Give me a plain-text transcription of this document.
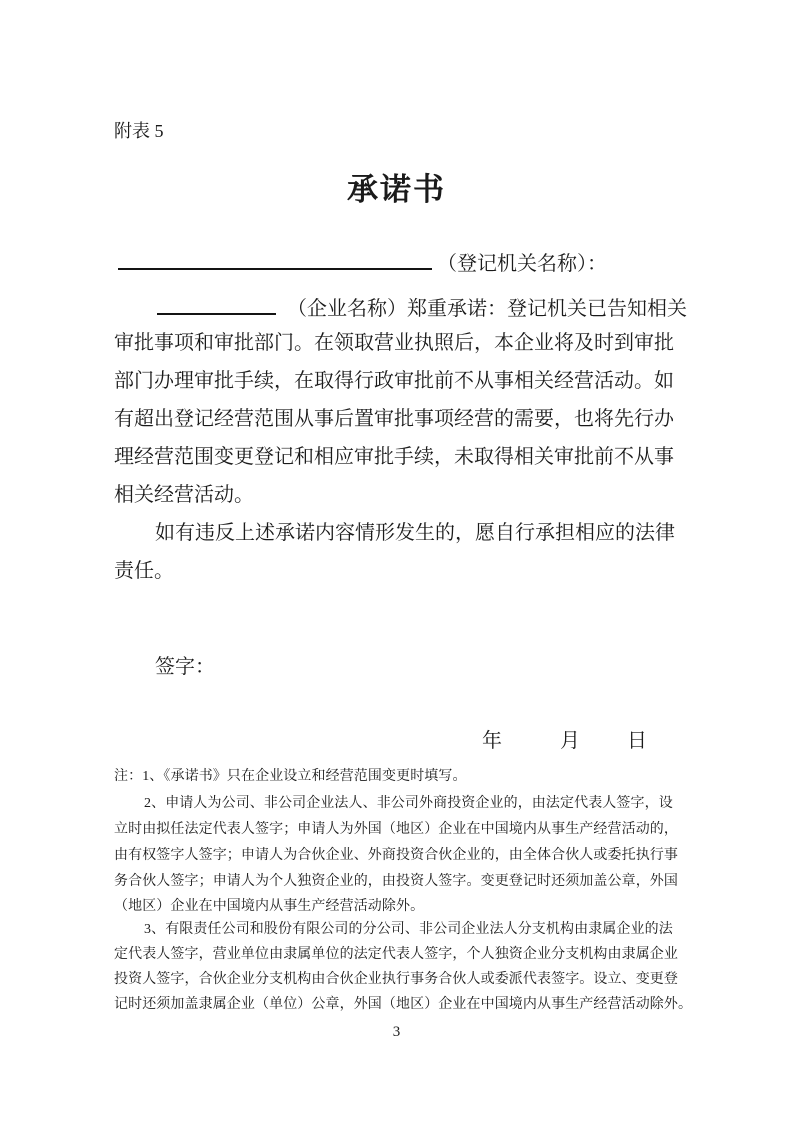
附表 5
承诺书
（登记机关名称）：
（企业名称）郑重承诺：登记机关已告知相关
审批事项和审批部门。在领取营业执照后，本企业将及时到审批
部门办理审批手续，在取得行政审批前不从事相关经营活动。如
有超出登记经营范围从事后置审批事项经营的需要，也将先行办
理经营范围变更登记和相应审批手续，未取得相关审批前不从事
相关经营活动。
如有违反上述承诺内容情形发生的，愿自行承担相应的法律
责任。
签字：
年	月 日
注：1、《承诺书》只在企业设立和经营范围变更时填写。
2、申请人为公司、非公司企业法人、非公司外商投资企业的，由法定代表人签字，设
立时由拟任法定代表人签字；申请人为外国（地区）企业在中国境内从事生产经营活动的，
由有权签字人签字；申请人为合伙企业、外商投资合伙企业的，由全体合伙人或委托执行事
务合伙人签字；申请人为个人独资企业的，由投资人签字。变更登记时还须加盖公章，外国
（地区）企业在中国境内从事生产经营活动除外。
3、有限责任公司和股份有限公司的分公司、非公司企业法人分支机构由隶属企业的法
定代表人签字，营业单位由隶属单位的法定代表人签字，个人独资企业分支机构由隶属企业
投资人签字，合伙企业分支机构由合伙企业执行事务合伙人或委派代表签字。设立、变更登
记时还须加盖隶属企业（单位）公章，外国（地区）企业在中国境内从事生产经营活动除外。
3
